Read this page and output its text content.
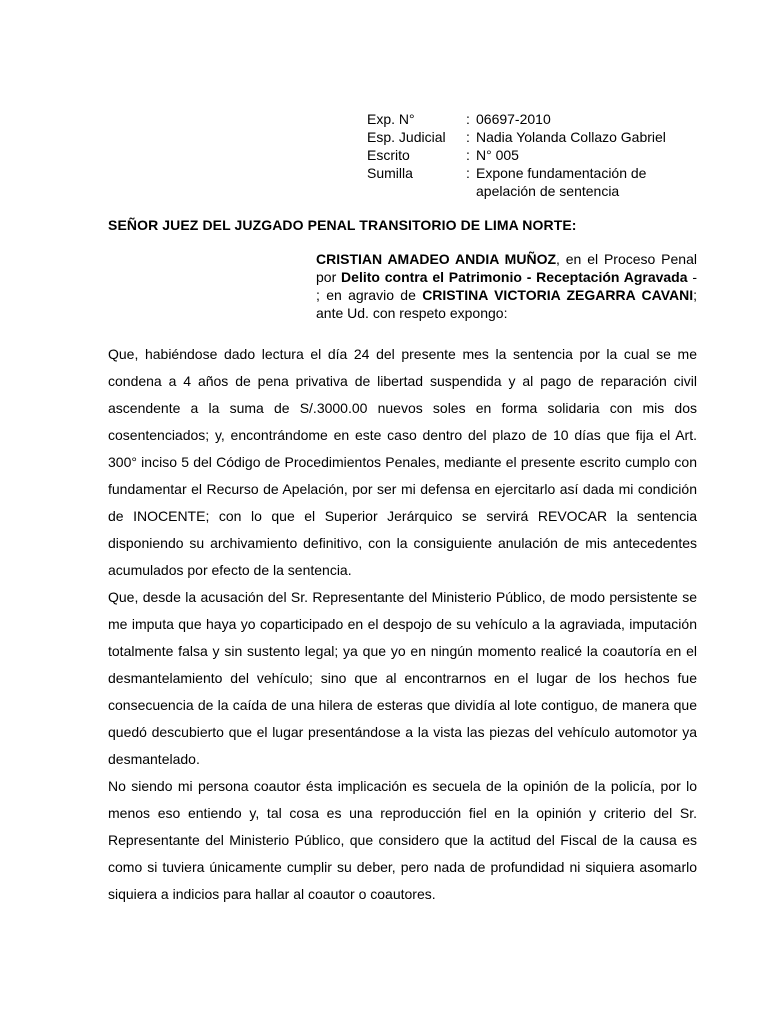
Exp. N°	: 06697-2010
Esp. Judicial	: Nadia Yolanda Collazo Gabriel
Escrito	: N° 005
Sumilla	: Expone fundamentación de apelación de sentencia
SEÑOR JUEZ DEL JUZGADO PENAL TRANSITORIO DE LIMA NORTE:
CRISTIAN AMADEO ANDIA MUÑOZ, en el Proceso Penal por Delito contra el Patrimonio - Receptación Agravada - ; en agravio de CRISTINA VICTORIA ZEGARRA CAVANI; ante Ud. con respeto expongo:

Que, habiéndose dado lectura el día 24 del presente mes la sentencia por la cual se me condena a 4 años de pena privativa de libertad suspendida y al pago de reparación civil ascendente a la suma de S/.3000.00 nuevos soles en forma solidaria con mis dos cosentenciados; y, encontrándome en este caso dentro del plazo de 10 días que fija el Art. 300° inciso 5 del Código de Procedimientos Penales, mediante el presente escrito cumplo con fundamentar el Recurso de Apelación, por ser mi defensa en ejercitarlo así dada mi condición de INOCENTE; con lo que el Superior Jerárquico se servirá REVOCAR la sentencia disponiendo su archivamiento definitivo, con la consiguiente anulación de mis antecedentes acumulados por efecto de la sentencia.

Que, desde la acusación del Sr. Representante del Ministerio Público, de modo persistente se me imputa que haya yo coparticipado en el despojo de su vehículo a la agraviada, imputación totalmente falsa y sin sustento legal; ya que yo en ningún momento realicé la coautoría en el desmantelamiento del vehículo; sino que al encontrarnos en el lugar de los hechos fue consecuencia de la caída de una hilera de esteras que dividía al lote contiguo, de manera que quedó descubierto que el lugar presentándose a la vista las piezas del vehículo automotor ya desmantelado.

No siendo mi persona coautor ésta implicación es secuela de la opinión de la policía, por lo menos eso entiendo y, tal cosa es una reproducción fiel en la opinión y criterio del Sr. Representante del Ministerio Público, que considero que la actitud del Fiscal de la causa es como si tuviera únicamente cumplir su deber, pero nada de profundidad ni siquiera asomarlo siquiera a indicios para hallar al coautor o coautores.
